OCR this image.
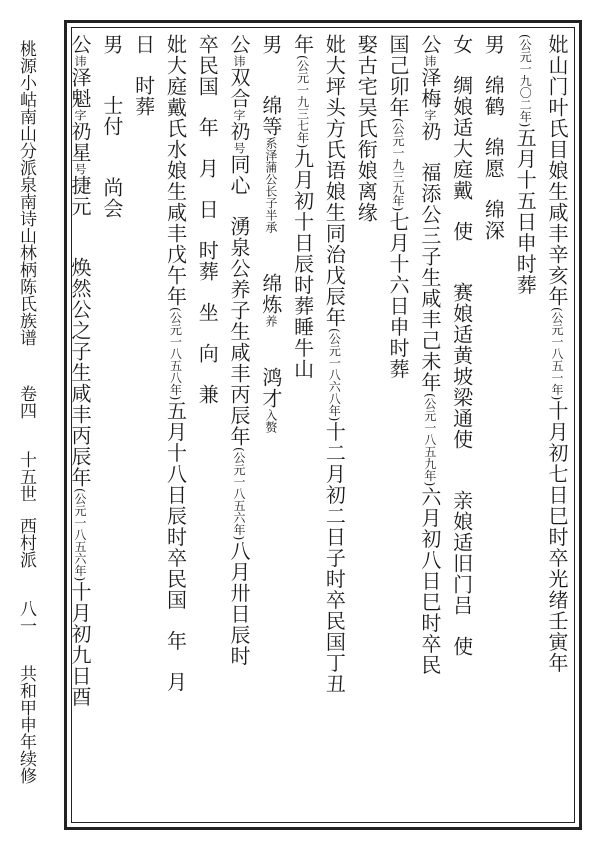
桃源小岵南山分派泉南诗山林柄陈氏族谱 卷四 十五世 西村派 八一 共和甲申年续修
妣山门叶氏目娘生咸丰辛亥年(公元一八五一年)十月初七日巳时卒光绪壬寅年
(公元一九〇二年)五月十五日申时葬
男绵鹤绵愿绵深
女绸娘适大庭戴使赛娘适黄坡梁通使亲娘适旧门吕使
公讳泽梅字礽福添公三子生咸丰己未年(公元一八五九年)六月初八日巳时卒民
国己卯年(公元一九三九年)七月十六日申时葬
娶古宅吴氏衔娘离缘
妣大坪头方氏语娘生同治戊辰年(公元一八六八年)十二月初二日子时卒民国丁丑
年(公元一九三七年)九月初十日辰时葬睡牛山
男绵等系泽蒲公长子半承绵炼养鸿才入赘
公讳双合字礽号同心湧泉公养子生咸丰丙辰年(公元一八五六年)八月卅日辰时
卒民国年月日时葬坐向兼
妣大庭戴氏水娘生咸丰戊午年(公元一八五八年)五月十八日辰时卒民国年月
日时葬
男士付尚会
公讳泽魁字礽星号捷元焕然公之子生咸丰丙辰年(公元一八五六年)十月初九日酉
